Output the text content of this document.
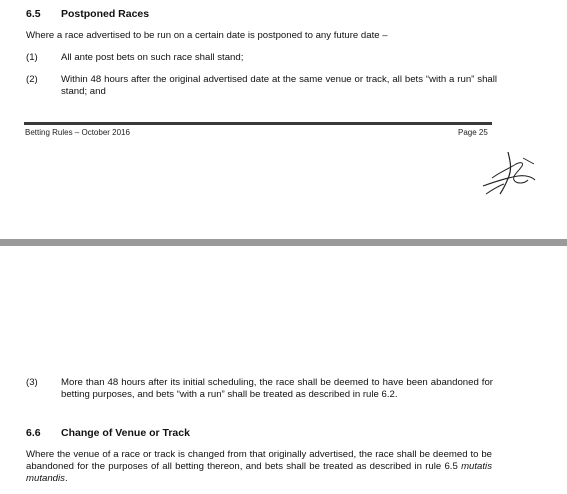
6.5 Postponed Races
Where a race advertised to be run on a certain date is postponed to any future date –
(1) All ante post bets on such race shall stand;
(2) Within 48 hours after the original advertised date at the same venue or track, all bets “with a run” shall stand; and
Betting Rules – October 2016	Page 25
(3) More than 48 hours after its initial scheduling, the race shall be deemed to have been abandoned for betting purposes, and bets “with a run” shall be treated as described in rule 6.2.
6.6 Change of Venue or Track
Where the venue of a race or track is changed from that originally advertised, the race shall be deemed to be abandoned for the purposes of all betting thereon, and bets shall be treated as described in rule 6.5 mutatis mutandis.
